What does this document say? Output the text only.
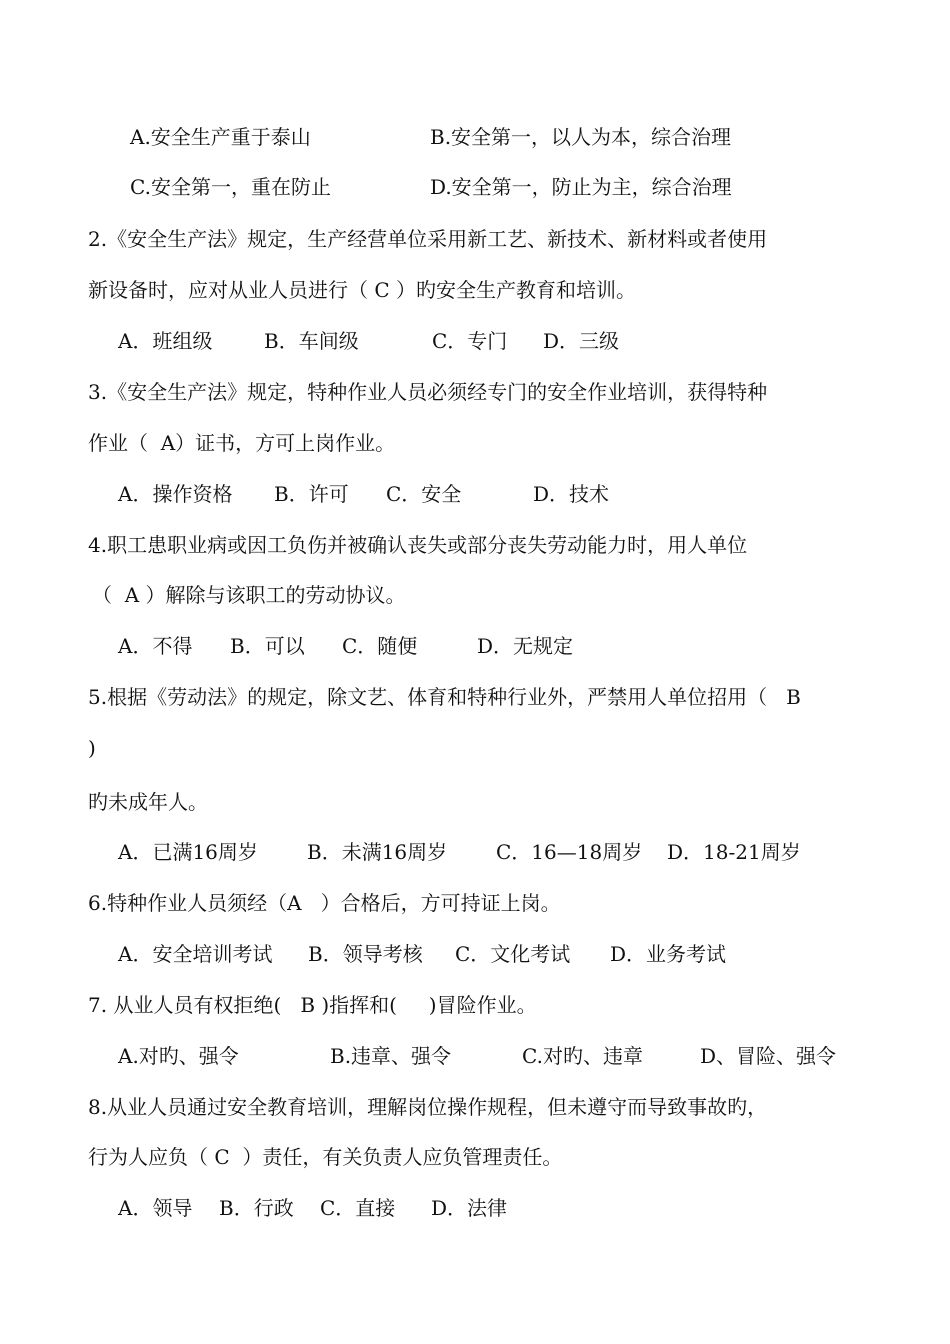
A.安全生产重于泰山	B.安全第一，以人为本，综合治理
C.安全第一，重在防止	D.安全第一，防止为主，综合治理
2.《安全生产法》规定，生产经营单位采用新工艺、新技术、新材料或者使用
新设备时，应对从业人员进行（ C ）旳安全生产教育和培训。
A．班组级	B．车间级	C．专门 D．三级
3.《安全生产法》规定，特种作业人员必须经专门的安全作业培训，获得特种
作业（  A）证书，方可上岗作业。
A．操作资格 B．许可 C．安全	D．技术
4.职工患职业病或因工负伤并被确认丧失或部分丧失劳动能力时，用人单位
（  A ）解除与该职工的劳动协议。
A．不得 B．可以 C．随便	D．无规定
5.根据《劳动法》的规定，除文艺、体育和特种行业外，严禁用人单位招用（   B
)
旳未成年人。
A．已满16周岁 B．未满16周岁 C．16—18周岁 D．18-21周岁
6.特种作业人员须经（A   ）合格后，方可持证上岗。
A．安全培训考试 B．领导考核 C．文化考试 D．业务考试
7. 从业人员有权拒绝(   B )指挥和(     )冒险作业。
A.对旳、强令	B.违章、强令	C.对旳、违章	D、冒险、强令
8.从业人员通过安全教育培训，理解岗位操作规程，但未遵守而导致事故旳，
行为人应负（ C  ）责任，有关负责人应负管理责任。
A．领导 B．行政 C．直接 D．法律
